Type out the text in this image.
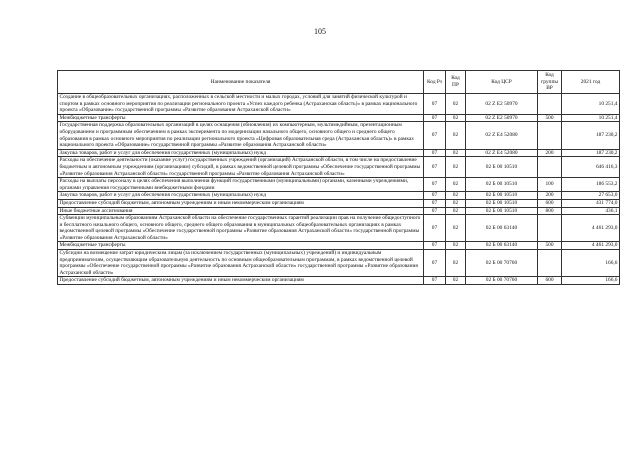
105
Наименование показателя	Код Рз	Код ПР	Код ЦСР	Код группы ВР	2021 год
Создание в общеобразовательных организациях, расположенных в сельской местности и малых городах, условий для занятий физической культурой и спортом в рамках основного мероприятия по реализации регионального проекта «Успех каждого ребенка (Астраханская область)» в рамках национального проекта «Образование» государственной программы «Развитие образования Астраханской области»	07	02	02 Z E2 50970		10 251,4
Межбюджетные трансферты	07	02	02 Z E2 50970	500	10 251,4
Государственная поддержка образовательных организаций в целях оснащения (обновления) их компьютерным, мультимедийным, презентационным оборудованием и программным обеспечением в рамках эксперимента по модернизации начального общего, основного общего и среднего общего образования в рамках основного мероприятия по реализации регионального проекта «Цифровая образовательная среда (Астраханская область)» в рамках национального проекта «Образование» государственной программы «Развитие образования Астраханской области»	07	02	02 Z E4 52080		187 230,2
Закупка товаров, работ и услуг для обеспечения государственных (муниципальных) нужд	07	02	02 Z E4 52080	200	187 230,2
Расходы на обеспечение деятельности (оказание услуг) государственных учреждений (организаций) Астраханской области, в том числе на предоставление бюджетным и автономным учреждениям (организациям) субсидий, в рамках ведомственной целевой программы «Обеспечение государственной программы «Развитие образования Астраханской области» государственной программы «Развитие образования Астраханской области»	07	02	02 Б 00 10510		646 416,3
Расходы на выплаты персоналу в целях обеспечения выполнения функций государственными (муниципальными) органами, казенными учреждениями, органами управления государственными внебюджетными фондами	07	02	02 Б 00 10510	100	186 553,2
Закупка товаров, работ и услуг для обеспечения государственных (муниципальных) нужд	07	02	02 Б 00 10510	200	27 653,0
Предоставление субсидий бюджетным, автономным учреждениям и иным некоммерческим организациям	07	02	02 Б 00 10510	600	431 774,0
Иные бюджетные ассигнования	07	02	02 Б 00 10510	800	436,1
Субвенции муниципальным образованиям Астраханской области на обеспечение государственных гарантий реализации прав на получение общедоступного и бесплатного начального общего, основного общего, среднего общего образования в муниципальных общеобразовательных организациях в рамках ведомственной целевой программы «Обеспечение государственной программы «Развитие образования Астраханской области» государственной программы «Развитие образования Астраханской области»	07	02	02 Б 00 63140		4 461 293,0
Межбюджетные трансферты	07	02	02 Б 00 63140	500	4 461 293,0
Субсидии на возмещение затрат юридическим лицам (за исключением государственных (муниципальных) учреждений) и индивидуальным предпринимателям, осуществляющим образовательную деятельность по основным общеобразовательным программам, в рамках ведомственной целевой программы «Обеспечение государственной программы «Развитие образования Астраханской области» государственной программы «Развитие образования Астраханской области»	07	02	02 Б 00 70760		166,6
Предоставление субсидий бюджетным, автономным учреждениям и иным некоммерческим организациям	07	02	02 Б 00 70760	600	166,6
